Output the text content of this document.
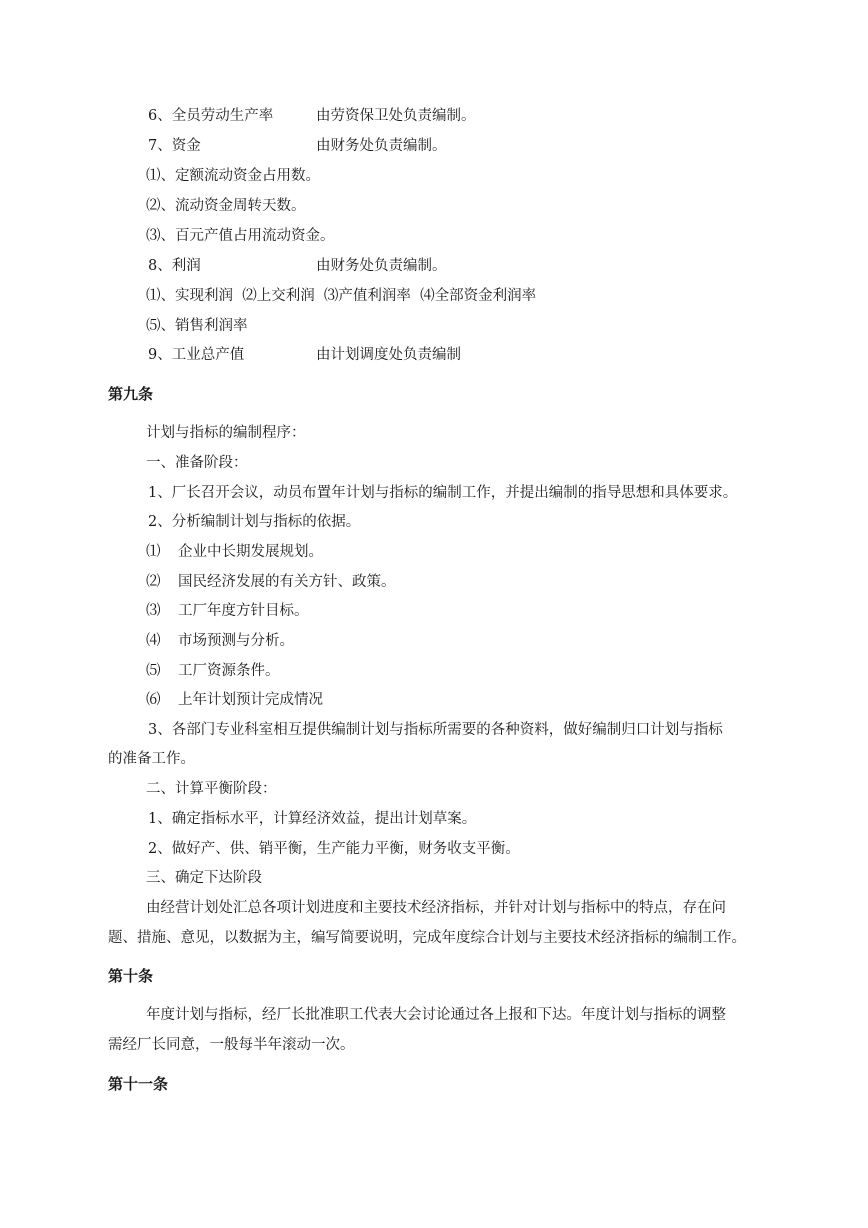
6、全员劳动生产率	由劳资保卫处负责编制。
7、资金	由财务处负责编制。
⑴、定额流动资金占用数。
⑵、流动资金周转天数。
⑶、百元产值占用流动资金。
8、利润	由财务处负责编制。
⑴、实现利润  ⑵上交利润  ⑶产值利润率  ⑷全部资金利润率
⑸、销售利润率
9、工业总产值	由计划调度处负责编制
第九条
计划与指标的编制程序：
一、准备阶段：
1、厂长召开会议，动员布置年计划与指标的编制工作，并提出编制的指导思想和具体要求。
2、分析编制计划与指标的依据。
⑴ 企业中长期发展规划。
⑵ 国民经济发展的有关方针、政策。
⑶ 工厂年度方针目标。
⑷ 市场预测与分析。
⑸ 工厂资源条件。
⑹ 上年计划预计完成情况
3、各部门专业科室相互提供编制计划与指标所需要的各种资料，做好编制归口计划与指标
的准备工作。
二、计算平衡阶段：
1、确定指标水平，计算经济效益，提出计划草案。
2、做好产、供、销平衡，生产能力平衡，财务收支平衡。
三、确定下达阶段
由经营计划处汇总各项计划进度和主要技术经济指标，并针对计划与指标中的特点，存在问
题、措施、意见，以数据为主，编写简要说明，完成年度综合计划与主要技术经济指标的编制工作。
第十条
年度计划与指标，经厂长批准职工代表大会讨论通过各上报和下达。年度计划与指标的调整
需经厂长同意，一般每半年滚动一次。
第十一条
